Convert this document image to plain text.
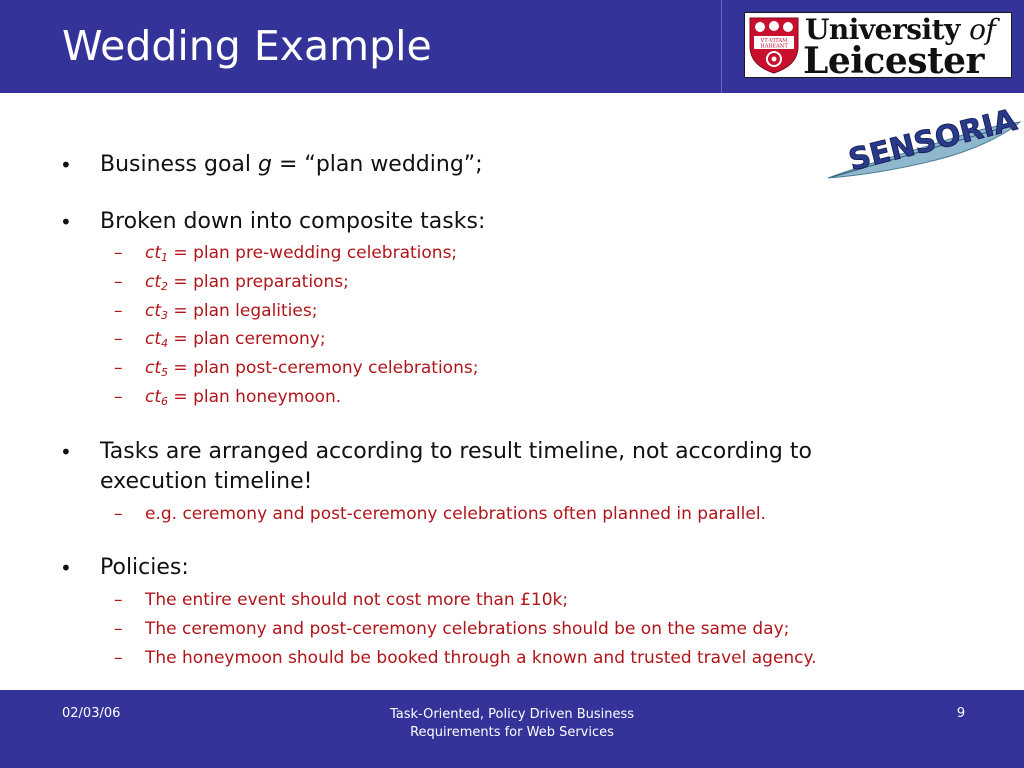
Wedding Example	VT·VITAM
HABEANT
University of
Leicester
SENSORIA
• Business goal g = “plan wedding”;
• Broken down into composite tasks:
– $ct_1$ = plan pre-wedding celebrations;
– $ct_2$ = plan preparations;
– $ct_3$ = plan legalities;
– $ct_4$ = plan ceremony;
– $ct_5$ = plan post-ceremony celebrations;
– $ct_6$ = plan honeymoon.
• Tasks are arranged according to result timeline, not according to
execution timeline!
– e.g. ceremony and post-ceremony celebrations often planned in parallel.
• Policies:
– The entire event should not cost more than £10k;
– The ceremony and post-ceremony celebrations should be on the same day;
– The honeymoon should be booked through a known and trusted travel agency.
02/03/06	Task-Oriented, Policy Driven Business
Requirements for Web Services
9
